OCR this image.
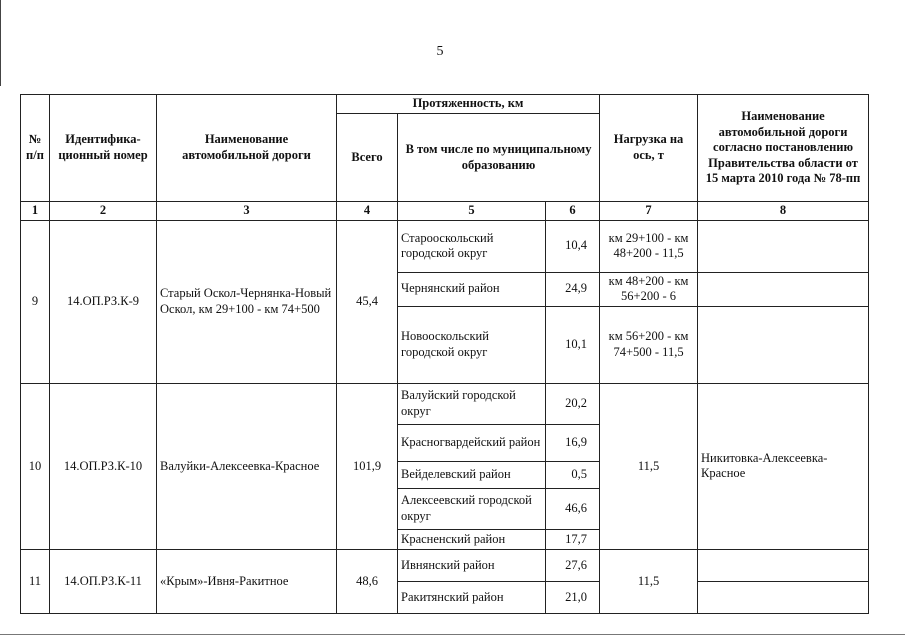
5
№ п/п	Идентифика-ционный номер	Наименование автомобильной дороги	Протяженность, км			Нагрузка на ось, т	Наименование автомобильной дороги согласно постановлению Правительства области от 15 марта 2010 года № 78-пп
			Всего	В том числе по муниципальному образованию			
1	2	3	4	5	6	7	8
9	14.ОП.РЗ.К-9	Старый Оскол-Чернянка-Новый Оскол, км 29+100 - км 74+500	45,4	Старооскольский городской округ	10,4	км 29+100 - км 48+200 - 11,5	
				Чернянский район	24,9	км 48+200 - км 56+200 - 6	
				Новооскольский городской округ	10,1	км 56+200 - км 74+500 - 11,5	
10	14.ОП.РЗ.К-10	Валуйки-Алексеевка-Красное	101,9	Валуйский городской округ	20,2	11,5	Никитовка-Алексеевка-Красное
				Красногвардейский район	16,9		
				Вейделевский район	0,5		
				Алексеевский городской округ	46,6		
				Красненский район	17,7		
11	14.ОП.РЗ.К-11	«Крым»-Ивня-Ракитное	48,6	Ивнянский район	27,6	11,5	
				Ракитянский район	21,0		
